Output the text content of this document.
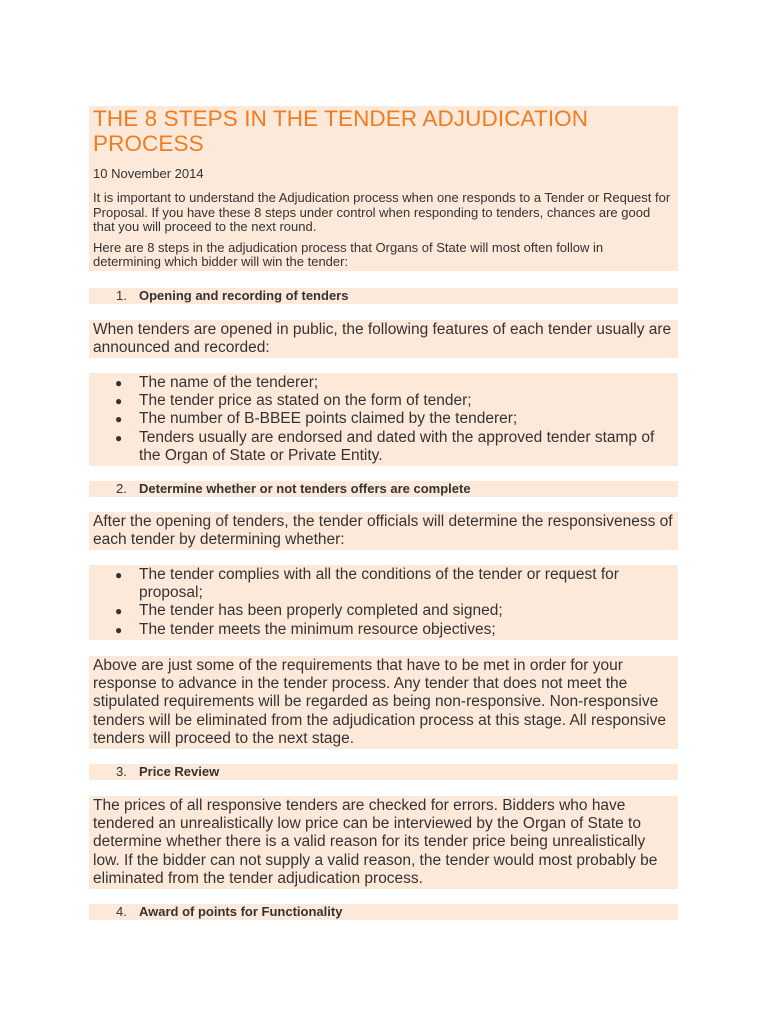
THE 8 STEPS IN THE TENDER ADJUDICATION PROCESS
10 November 2014

It is important to understand the Adjudication process when one responds to a Tender or Request for Proposal. If you have these 8 steps under control when responding to tenders, chances are good that you will proceed to the next round.

Here are 8 steps in the adjudication process that Organs of State will most often follow in determining which bidder will win the tender:

1. Opening and recording of tenders

When tenders are opened in public, the following features of each tender usually are announced and recorded:

● The name of the tenderer;
● The tender price as stated on the form of tender;
● The number of B-BBEE points claimed by the tenderer;
● Tenders usually are endorsed and dated with the approved tender stamp of the Organ of State or Private Entity.
2. Determine whether or not tenders offers are complete

After the opening of tenders, the tender officials will determine the responsiveness of each tender by determining whether:

● The tender complies with all the conditions of the tender or request for proposal;
● The tender has been properly completed and signed;
● The tender meets the minimum resource objectives;

Above are just some of the requirements that have to be met in order for your response to advance in the tender process. Any tender that does not meet the stipulated requirements will be regarded as being non-responsive. Non-responsive tenders will be eliminated from the adjudication process at this stage. All responsive tenders will proceed to the next stage.

3. Price Review

The prices of all responsive tenders are checked for errors. Bidders who have tendered an unrealistically low price can be interviewed by the Organ of State to determine whether there is a valid reason for its tender price being unrealistically low. If the bidder can not supply a valid reason, the tender would most probably be eliminated from the tender adjudication process.

4. Award of points for Functionality
